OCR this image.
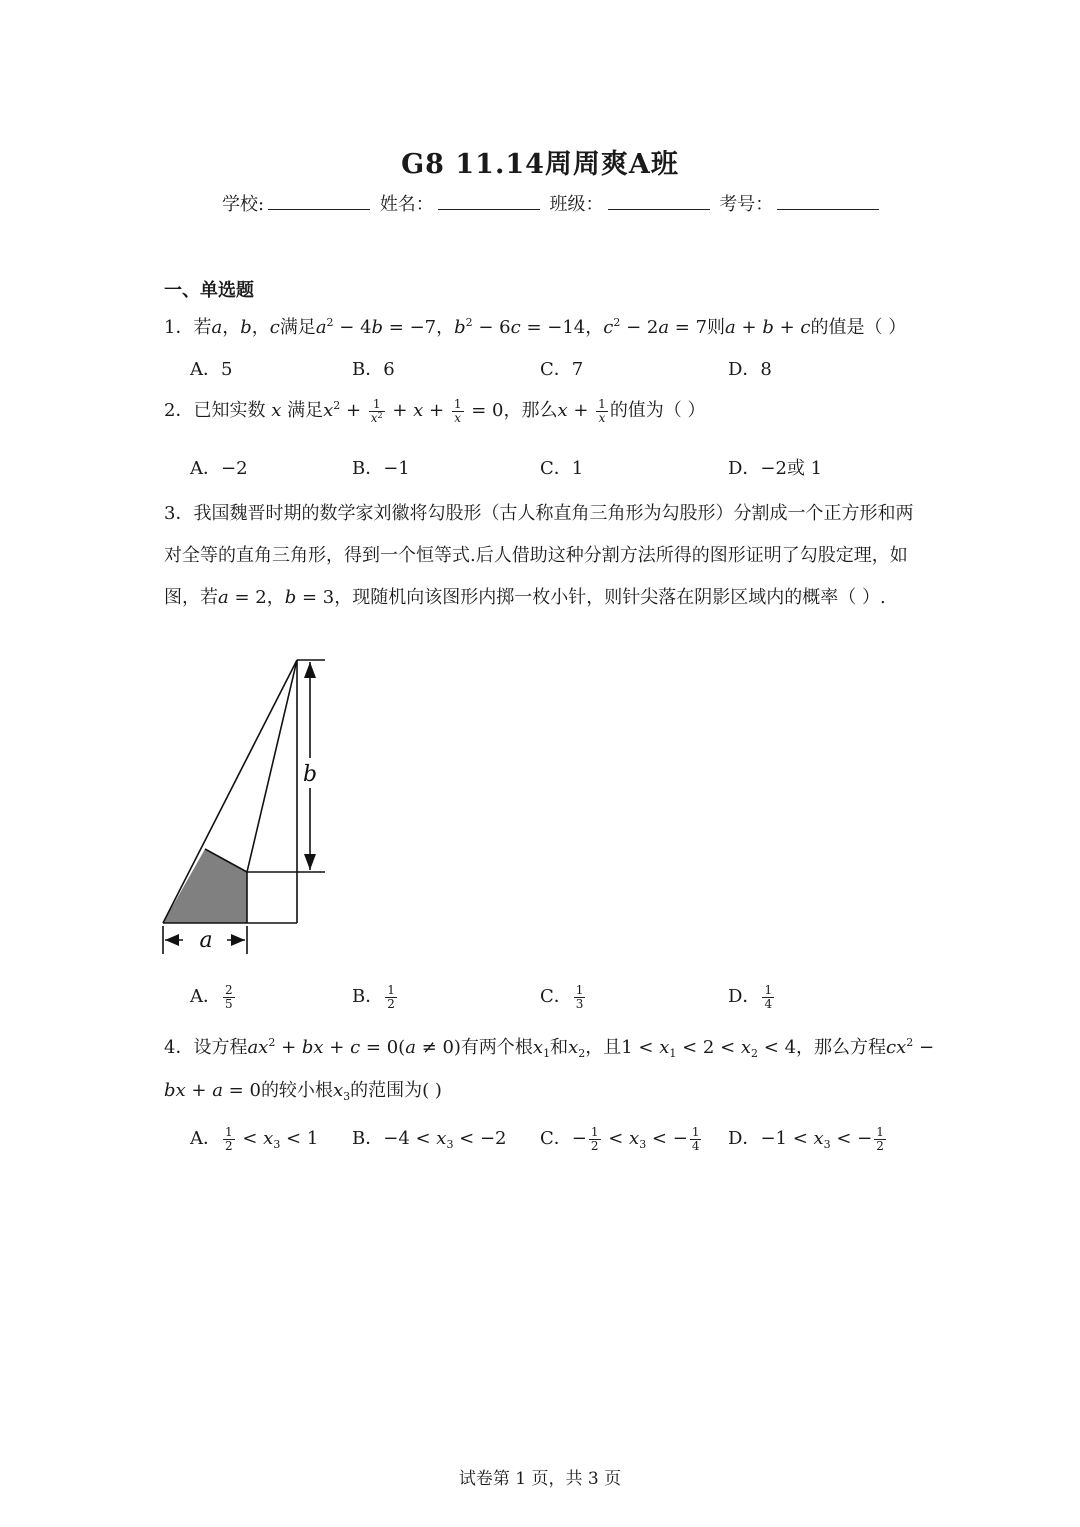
G8 11.14周周爽A班
学校:	姓名：	班级：	考号：
一、单选题
1．若a，b，c满足$a^2 - 4b = -7$，$b^2 - 6c = -14$，$c^2 - 2a = 7$则a + b + c的值是（ ）
A．5	B．6	C．7	D．8
2．已知实数 x 满足$x^2 + \frac{1}{x^2} + x + \frac{1}{x} = 0$，那么$x + \frac{1}{x}$ 的值为（ ）
A．−2	B．−1	C．1	D．−2或 1
3．我国魏晋时期的数学家刘徽将勾股形（古人称直角三角形为勾股形）分割成一个正方形和两对全等的直角三角形，得到一个恒等式.后人借助这种分割方法所得的图形证明了勾股定理，如图，若a = 2，b = 3，现随机向该图形内掷一枚小针，则针尖落在阴影区域内的概率（ ）.
b
a
A． $\frac{2}{5}$	B． $\frac{1}{2}$	C． $\frac{1}{3}$	D． $\frac{1}{4}$
4．设方程$ax^2$ + bx + c = 0(a ≠ 0)有两个根$x_1$和$x_2$，且$1 < x_1 < 2 < x_2 < 4$，那么方程$cx^2$ −
bx + a = 0的较小根$x_3$的范围为( )
A． $\frac{1}{2} < x_3 < 1$ B．$-4 < x_3 < -2$ C．− $\frac{1}{2} < x_3$ < − $\frac{1}{4}$ D．$-1 < x_3$ < − $\frac{1}{2}$
试卷第 1 页，共 3 页
